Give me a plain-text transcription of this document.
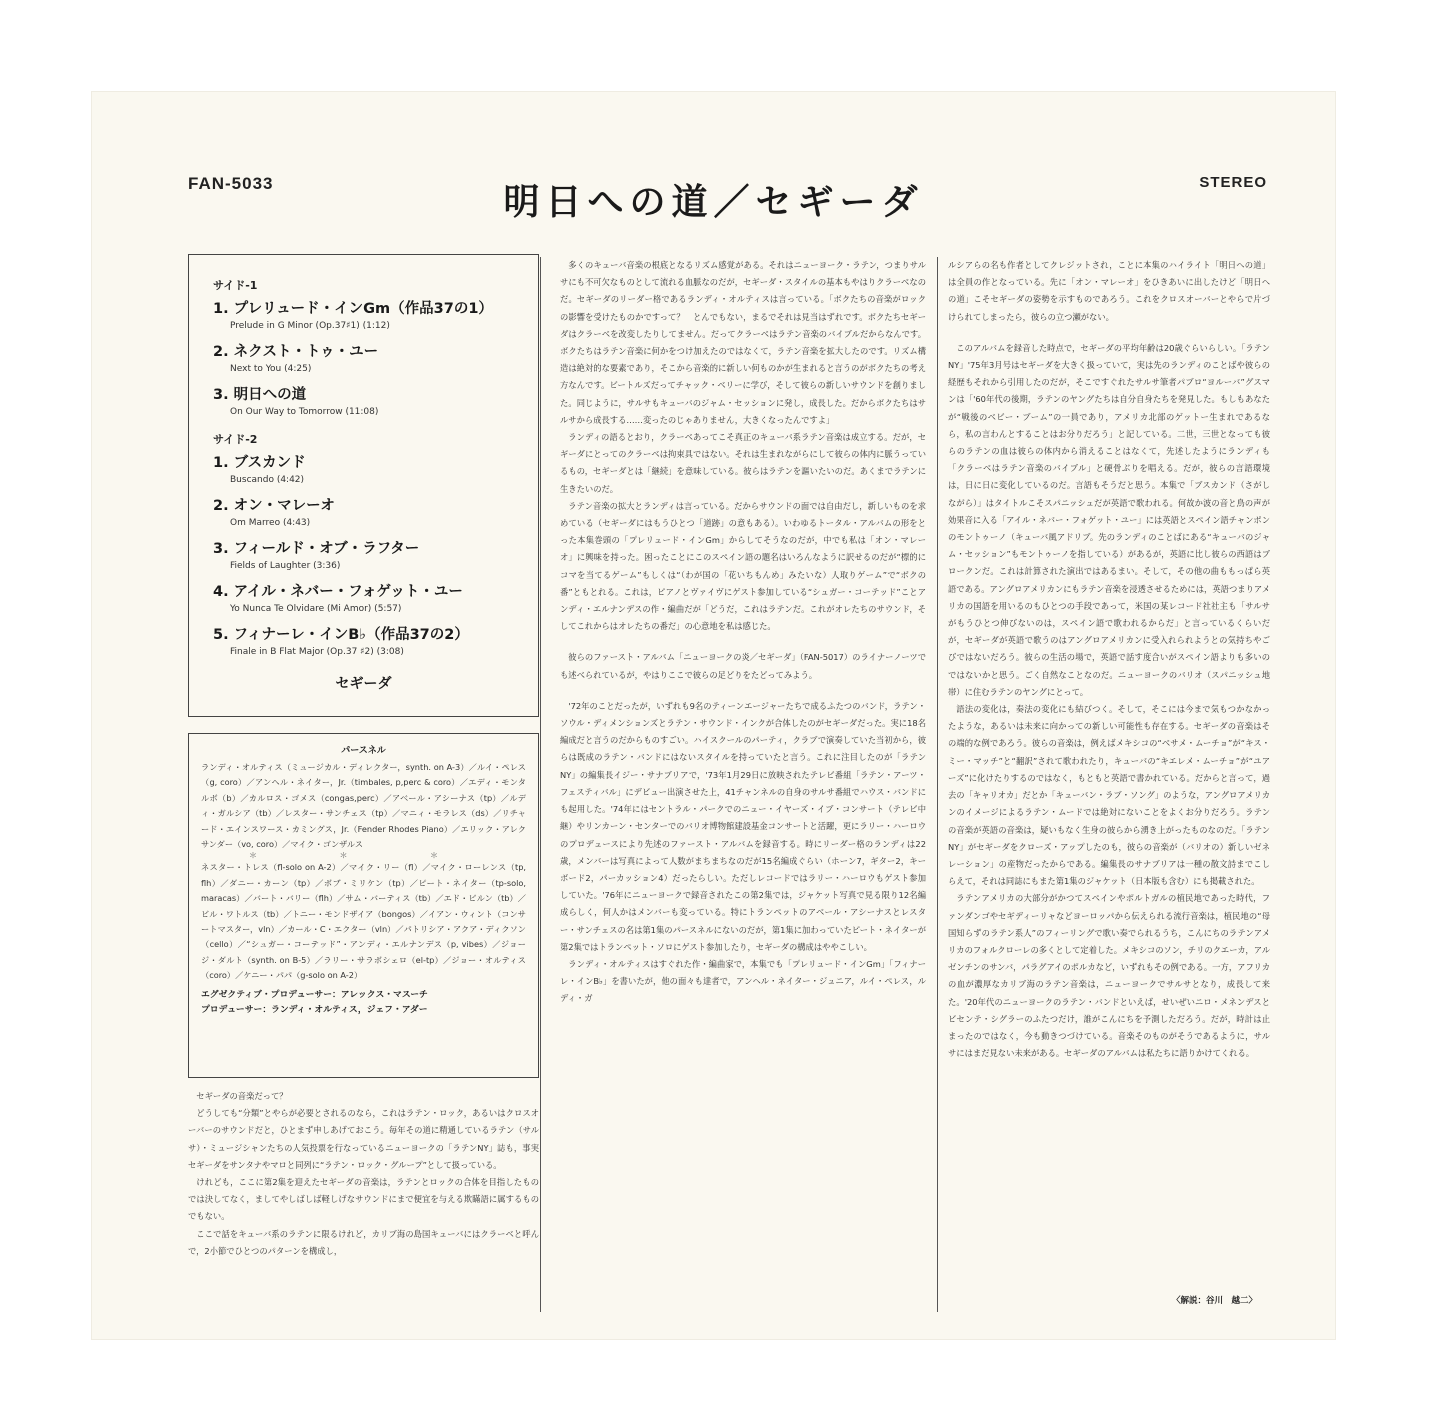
FAN-5033	明日への道／セギーダ	STEREO
サイド-1
1. プレリュード・インGm（作品37の1）
Prelude in G Minor (Op.37♯1) (1:12)
2. ネクスト・トゥ・ユー
Next to You (4:25)
3. 明日への道
On Our Way to Tomorrow (11:08)
サイド-2
1. ブスカンド
Buscando (4:42)
2. オン・マレーオ
Om Marreo (4:43)
3. フィールド・オブ・ラフター
Fields of Laughter (3:36)
4. アイル・ネバー・フォゲット・ユー
Yo Nunca Te Olvidare (Mi Amor) (5:57)
5. フィナーレ・インB♭（作品37の2）
Finale in B Flat Major (Op.37 ♯2) (3:08)
セギーダ
パースネル
ランディ・オルティス（ミュージカル・ディレクター，synth. on A-3）／ルイ・ペレス（g, coro）／アンヘル・ネイター，Jr.（timbales, p,perc & coro）／エディ・モンタルボ（b）／カルロス・ゴメス（congas,perc）／アベール・アシーナス（tp）／ルディ・ガルシア（tb）／レスター・サンチェス（tp）／マニィ・モラレス（ds）／リチャード・エインスワース・カミングス，Jr.（Fender Rhodes Piano）／エリック・アレクサンダー（vo, coro）／マイク・ゴンザルス
＊ ＊ ＊
ネスター・トレス（fl-solo on A-2）／マイク・リー（fl）／マイク・ローレンス（tp, flh）／ダニー・カーン（tp）／ボブ・ミリケン（tp）／ピート・ネイター（tp-solo, maracas）／バート・バリー（flh）／サム・バーティス（tb）／エド・ビルン（tb）／ビル・ワトルス（tb）／トニー・モンドザイア（bongos）／イアン・ウィント（コンサートマスター，vln）／カール・C・エクター（vln）／パトリシア・アクア・ディクソン（cello）／“シュガー・コーテッド”・アンディ・エルナンデス（p, vibes）／ジョージ・ダルト（synth. on B-5）／ラリー・サラボシェロ（el-tp）／ジョー・オルティス（coro）／ケニー・パパ（g-solo on A-2）
エグゼクティブ・プロデューサー：アレックス・マスーチ
プロデューサー：ランディ・オルティス，ジェフ・アダー

セギーダの音楽だって？

どうしても“分類”とやらが必要とされるのなら，これはラテン・ロック，あるいはクロスオーバーのサウンドだと，ひとまず申しあげておこう。毎年その道に精通しているラテン（サルサ）・ミュージシャンたちの人気投票を行なっているニューヨークの「ラテンNY」誌も，事実セギーダをサンタナやマロと同列に“ラテン・ロック・グループ”として扱っている。

けれども，ここに第2集を迎えたセギーダの音楽は，ラテンとロックの合体を目指したものでは決してなく，ましてやしばしば軽しげなサウンドにまで便宜を与える欺瞞語に属するものでもない。

ここで話をキューバ系のラテンに限るけれど，カリブ海の島国キューバにはクラーベと呼んで，2小節でひとつのパターンを構成し，

多くのキューバ音楽の根底となるリズム感覚がある。それはニューヨーク・ラテン，つまりサルサにも不可欠なものとして流れる血脈なのだが，セギーダ・スタイルの基本もやはりクラーベなのだ。セギーダのリーダー格であるランディ・オルティスは言っている。「ボクたちの音楽がロックの影響を受けたものかですって？　とんでもない，まるでそれは見当はずれです。ボクたちセギーダはクラーベを改変したりしてません。だってクラーベはラテン音楽のバイブルだからなんです。ボクたちはラテン音楽に何かをつけ加えたのではなくて，ラテン音楽を拡大したのです。リズム構造は絶対的な要素であり，そこから音楽的に新しい何ものかが生まれると言うのがボクたちの考え方なんです。ビートルズだってチャック・ベリーに学び，そして彼らの新しいサウンドを創りました。同じように，サルサもキューバのジャム・セッションに発し，成長した。だからボクたちはサルサから成長する……変ったのじゃありません，大きくなったんですよ」

ランディの語るとおり，クラーベあってこそ真正のキューバ系ラテン音楽は成立する。だが，セギーダにとってのクラーベは拘束具ではない。それは生まれながらにして彼らの体内に脈うっているもの，セギーダとは「継続」を意味している。彼らはラテンを謳いたいのだ。あくまでラテンに生きたいのだ。

ラテン音楽の拡大とランディは言っている。だからサウンドの面では自由だし，新しいものを求めている（セギーダにはもうひとつ「道跡」の意もある）。いわゆるトータル・アルバムの形をとった本集巻頭の「プレリュード・インGm」からしてそうなのだが，中でも私は「オン・マレーオ」に興味を持った。困ったことにこのスペイン語の題名はいろんなように訳せるのだが“標的にコマを当てるゲーム”もしくは“（わが国の「花いちもんめ」みたいな）人取りゲーム”で“ボクの番”ともとれる。これは，ピアノとヴァイヴにゲスト参加している“シュガー・コーテッド”ことアンディ・エルナンデスの作・編曲だが「どうだ，これはラテンだ。これがオレたちのサウンド，そしてこれからはオレたちの番だ」の心意地を私は感じた。

彼らのファースト・アルバム「ニューヨークの炎／セギーダ」（FAN-5017）のライナーノーツでも述べられているが，やはりここで彼らの足どりをたどってみよう。

'72年のことだったが，いずれも9名のティーンエージャーたちで成るふたつのバンド，ラテン・ソウル・ディメンションズとラテン・サウンド・インクが合体したのがセギーダだった。実に18名編成だと言うのだからものすごい。ハイスクールのパーティ，クラブで演奏していた当初から，彼らは既成のラテン・バンドにはないスタイルを持っていたと言う。これに注目したのが「ラテンNY」の編集長イジー・サナブリアで，'73年1月29日に放映されたテレビ番組「ラテン・アーツ・フェスティバル」にデビュー出演させた上，41チャンネルの自身のサルサ番組でハウス・バンドにも起用した。'74年にはセントラル・パークでのニュー・イヤーズ・イブ・コンサート（テレビ中継）やリンカーン・センターでのバリオ博物館建設基金コンサートと活躍，更にラリー・ハーロウのプロデュースにより先述のファースト・アルバムを録音する。時にリーダー格のランディは22歳，メンバーは写真によって人数がまちまちなのだが15名編成ぐらい（ホーン7，ギター2，キーボード2，パーカッション4）だったらしい。ただしレコードではラリー・ハーロウもゲスト参加していた。'76年にニューヨークで録音されたこの第2集では，ジャケット写真で見る限り12名編成らしく，何人かはメンバーも変っている。特にトランペットのアベール・アシーナスとレスター・サンチェスの名は第1集のパースネルにないのだが，第1集に加わっていたピート・ネイターが第2集ではトランペット・ソロにゲスト参加したり，セギーダの構成はややこしい。

ランディ・オルティスはすぐれた作・編曲家で，本集でも「プレリュード・インGm」「フィナーレ・インB♭」を書いたが，他の面々も達者で，アンヘル・ネイター・ジュニア，ルイ・ペレス，ルディ・ガ

ルシアらの名も作者としてクレジットされ，ことに本集のハイライト「明日への道」は全員の作となっている。先に「オン・マレーオ」をひきあいに出したけど「明日への道」こそセギーダの姿勢を示すものであろう。これをクロスオーバーとやらで片づけられてしまったら，彼らの立つ瀬がない。

このアルバムを録音した時点で，セギーダの平均年齢は20歳ぐらいらしい。「ラテンNY」'75年3月号はセギーダを大きく扱っていて，実は先のランディのことばや彼らの経歴もそれから引用したのだが，そこですぐれたサルサ筆者パブロ“ヨルーバ”グスマンは「'60年代の後期，ラテンのヤングたちは自分自身たちを発見した。もしもあなたが“戦後のベビー・ブーム”の一員であり，アメリカ北部のゲットー生まれであるなら，私の言わんとすることはお分りだろう」と記している。二世，三世となっても彼らのラテンの血は彼らの体内から消えることはなくて，先述したようにランディも「クラーベはラテン音楽のバイブル」と硬骨ぶりを唱える。だが，彼らの言語環境は，日に日に変化しているのだ。言語もそうだと思う。本集で「ブスカンド（さがしながら）」はタイトルこそスパニッシュだが英語で歌われる。何故か波の音と鳥の声が効果音に入る「アイル・ネバー・フォゲット・ユー」には英語とスペイン語チャンポンのモントゥーノ（キューバ風アドリブ。先のランディのことばにある“キューバのジャム・セッション”もモントゥーノを指している）があるが，英語に比し彼らの西語はブロークンだ。これは計算された演出ではあるまい。そして，その他の曲ももっぱら英語である。アングロアメリカンにもラテン音楽を浸透させるためには，英語つまりアメリカの国語を用いるのもひとつの手段であって，米国の某レコード社社主も「サルサがもうひとつ伸びないのは，スペイン語で歌われるからだ」と言っているくらいだが，セギーダが英語で歌うのはアングロアメリカンに受入れられようとの気持ちやごびではないだろう。彼らの生活の場で，英語で話す度合いがスペイン語よりも多いのではないかと思う。ごく自然なことなのだ。ニューヨークのバリオ（スパニッシュ地帯）に住むラテンのヤングにとって。

語法の変化は，奏法の変化にも結びつく。そして，そこには今まで気もつかなかったような，あるいは未来に向かっての新しい可能性も存在する。セギーダの音楽はその端的な例であろう。彼らの音楽は，例えばメキシコの“ベサメ・ムーチョ”が“キス・ミー・マッチ”と“翻訳”されて歌われたり，キューバの“キエレメ・ムーチョ”が“ユアーズ”に化けたりするのではなく，もともと英語で書かれている。だからと言って，過去の「キャリオカ」だとか「キューバン・ラブ・ソング」のような，アングロアメリカンのイメージによるラテン・ムードでは絶対にないことをよくお分りだろう。ラテンの音楽が英語の音楽は，疑いもなく生身の彼らから湧き上がったものなのだ。「ラテンNY」がセギーダをクローズ・アップしたのも，彼らの音楽が（バリオの）新しいゼネレーション」の産物だったからである。編集長のサナブリアは一種の散文詩までこしらえて，それは同誌にもまた第1集のジャケット（日本版も含む）にも掲載された。

ラテンアメリカの大部分がかつてスペインやポルトガルの植民地であった時代，ファンダンゴやセギディーリャなどヨーロッパから伝えられる流行音楽は，植民地の“母国知らずのラテン系人”のフィーリングで歌い奏でられるうち，こんにちのラテンアメリカのフォルクローレの多くとして定着した。メキシコのソン，チリのクエーカ，アルゼンチンのサンバ，パラグアイのポルカなど，いずれもその例である。一方，アフリカの血が濃厚なカリブ海のラテン音楽は，ニューヨークでサルサとなり，成長して来た。'20年代のニューヨークのラテン・バンドといえば，せいぜいニロ・メネンデスとビセンテ・シグラーのふたつだけ，誰がこんにちを予測しただろう。だが，時計は止まったのではなく，今も動きつづけている。音楽そのものがそうであるように，サルサにはまだ見ない未来がある。セギーダのアルバムは私たちに語りかけてくれる。

〈解説：谷川　越二〉
